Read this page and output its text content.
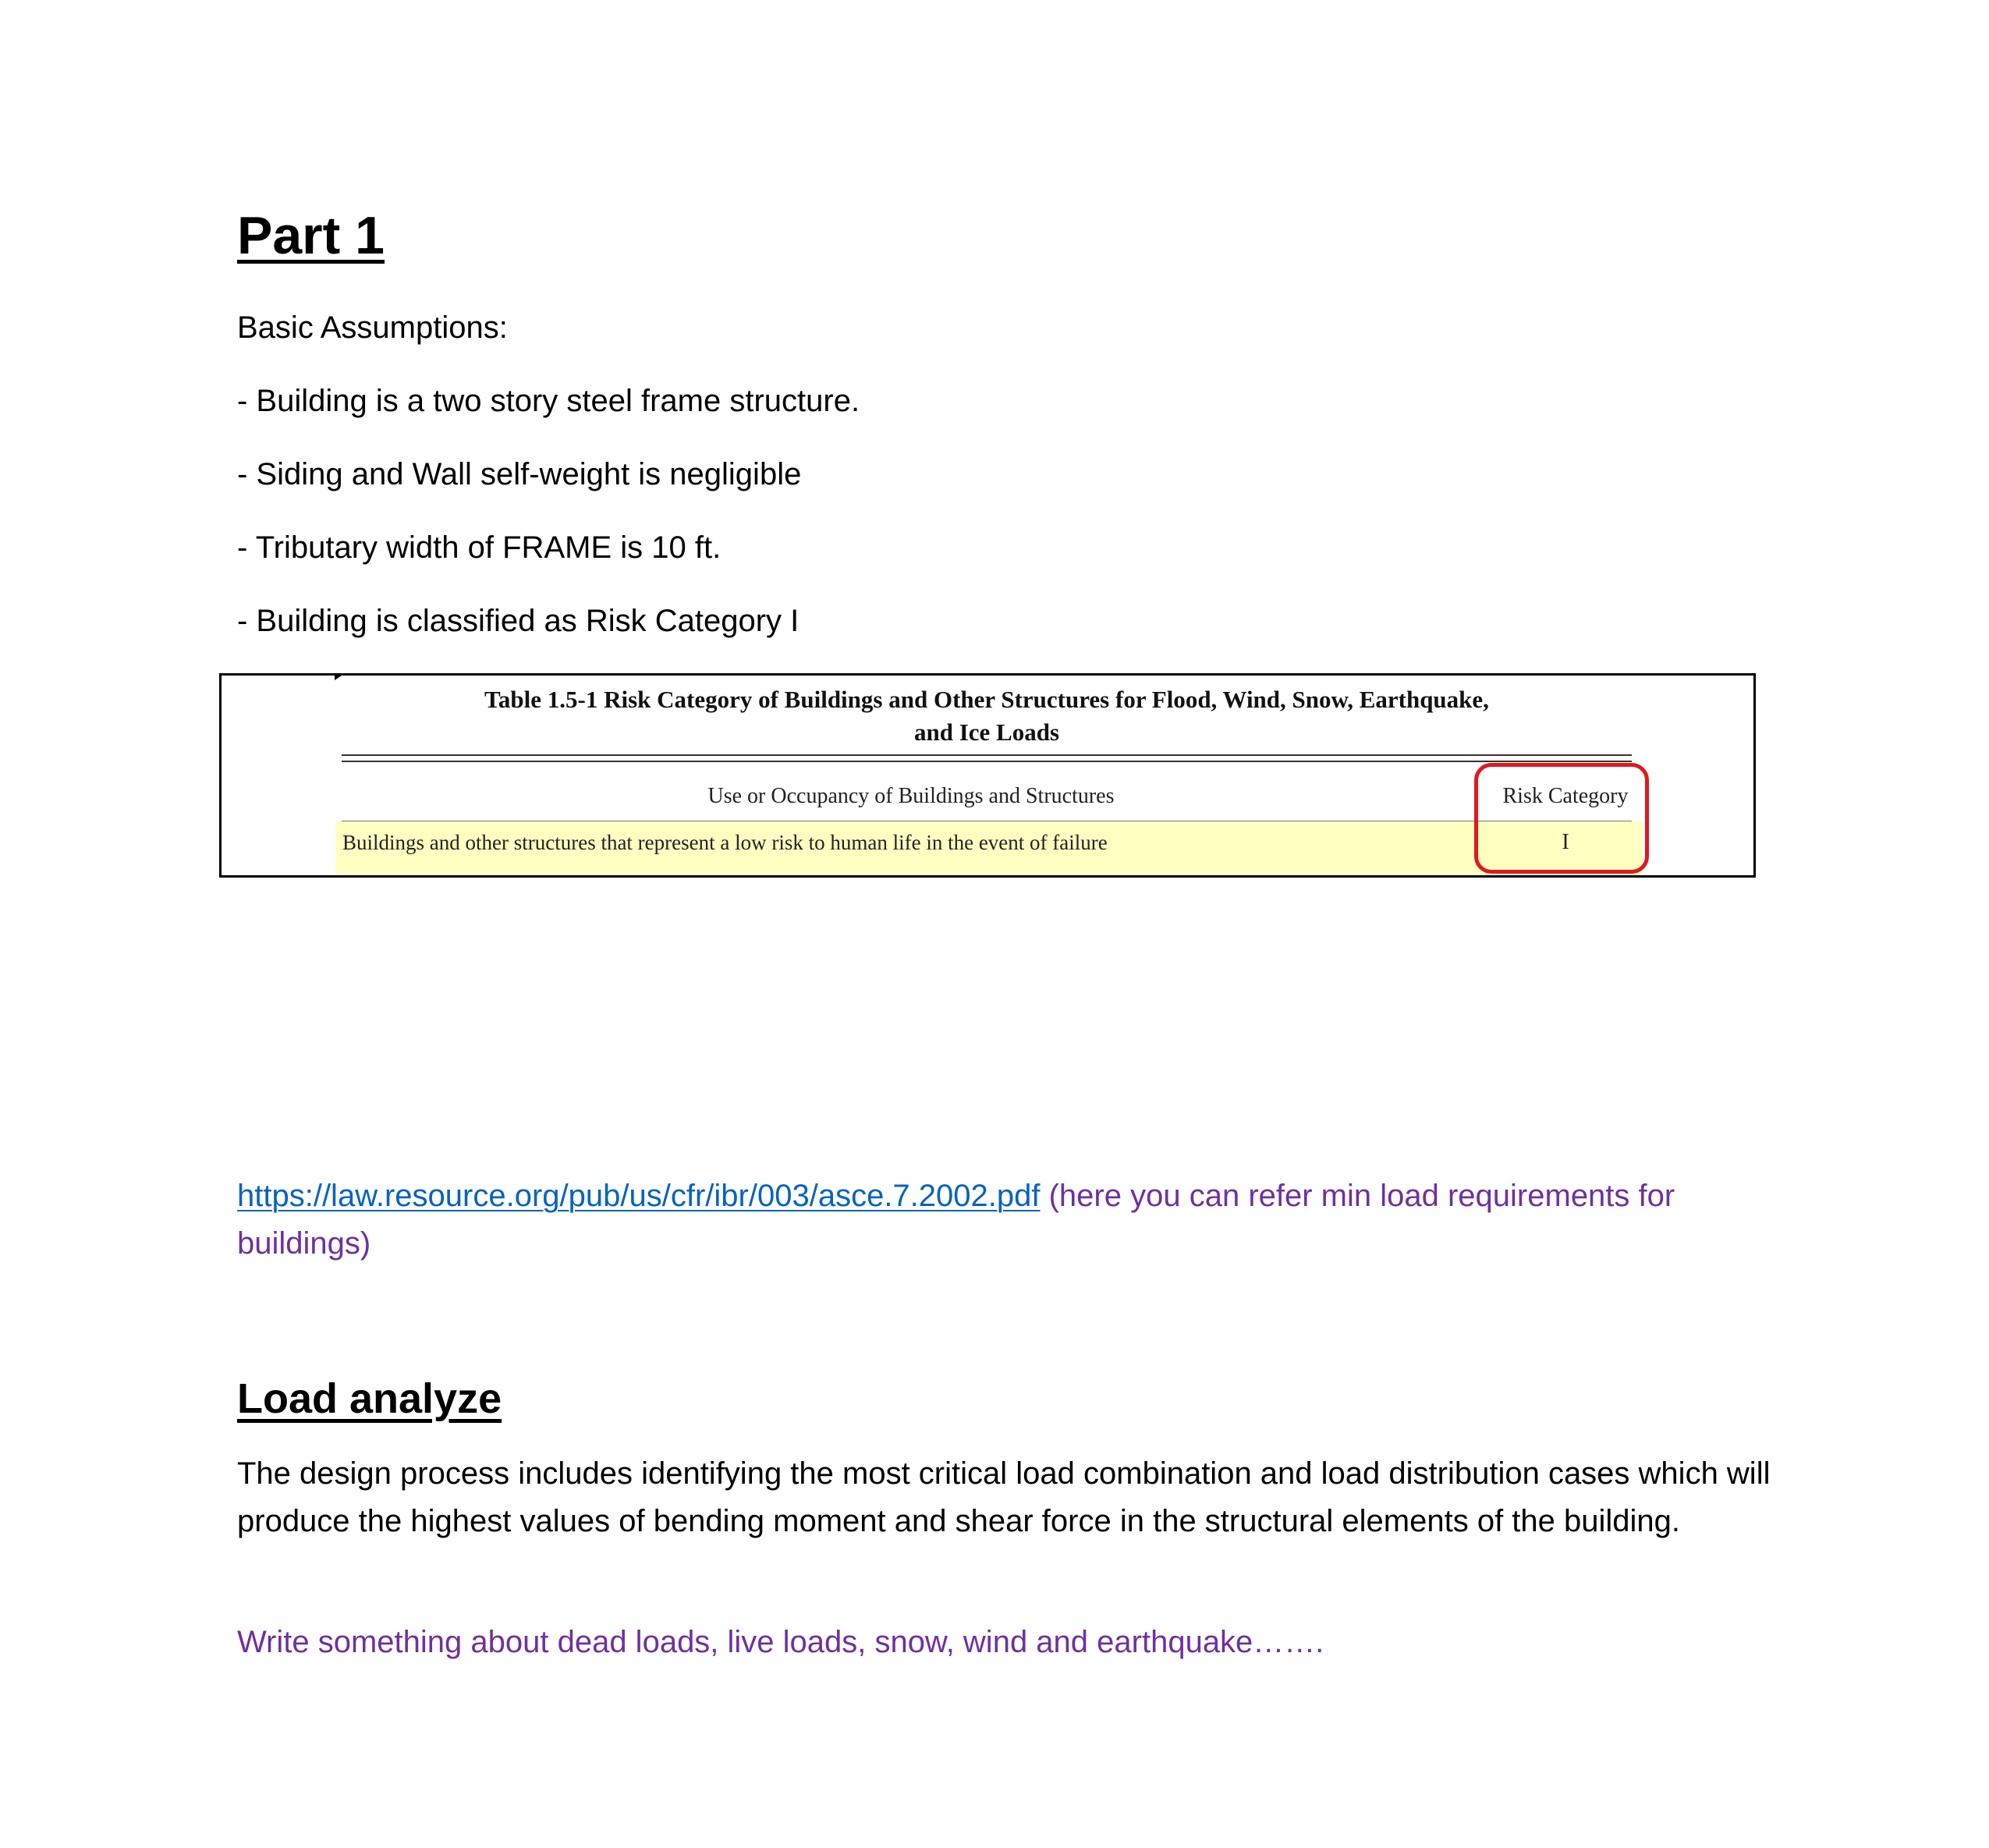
Part 1

Basic Assumptions:

- Building is a two story steel frame structure.

- Siding and Wall self-weight is negligible

- Tributary width of FRAME is 10 ft.

- Building is classified as Risk Category I

Table 1.5-1 Risk Category of Buildings and Other Structures for Flood, Wind, Snow, Earthquake,
and Ice Loads

Use or Occupancy of Buildings and Structures	Risk Category

Buildings and other structures that represent a low risk to human life in the event of failure	I

https://law.resource.org/pub/us/cfr/ibr/003/asce.7.2002.pdf (here you can refer min load requirements for buildings)

Load analyze

The design process includes identifying the most critical load combination and load distribution cases which will produce the highest values of bending moment and shear force in the structural elements of the building.

Write something about dead loads, live loads, snow, wind and earthquake…….
